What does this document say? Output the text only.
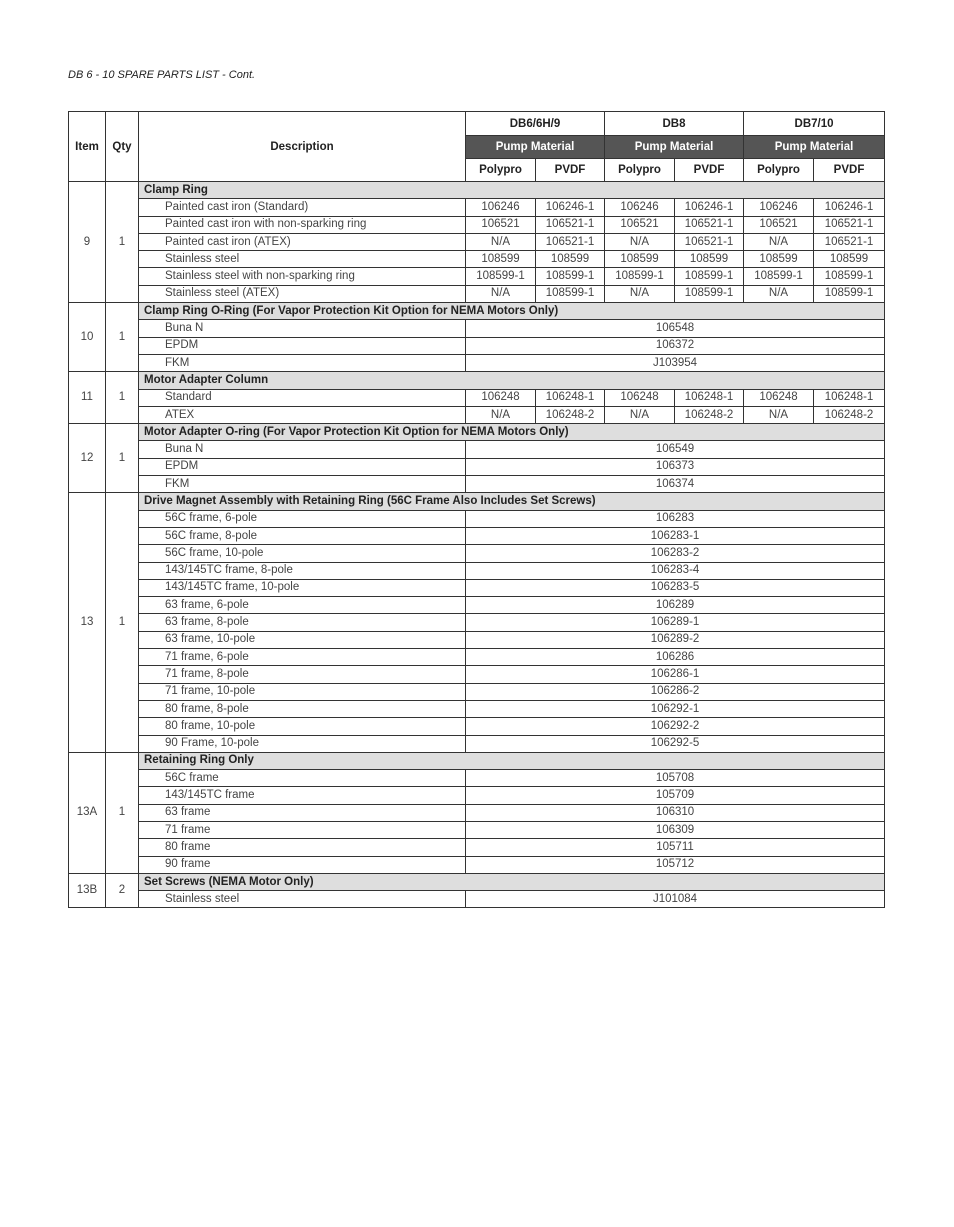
DB 6 - 10 SPARE PARTS LIST - Cont.
Item	Qty	Description	DB6/6H/9		DB8		DB7/10	
			Pump Material		Pump Material		Pump Material	
			Polypro	PVDF	Polypro	PVDF	Polypro	PVDF
9	1	Clamp Ring						
		Painted cast iron (Standard)	106246	106246-1	106246	106246-1	106246	106246-1
		Painted cast iron with non-sparking ring	106521	106521-1	106521	106521-1	106521	106521-1
		Painted cast iron (ATEX)	N/A	106521-1	N/A	106521-1	N/A	106521-1
		Stainless steel	108599	108599	108599	108599	108599	108599
		Stainless steel with non-sparking ring	108599-1	108599-1	108599-1	108599-1	108599-1	108599-1
		Stainless steel (ATEX)	N/A	108599-1	N/A	108599-1	N/A	108599-1
10	1	Clamp Ring O-Ring (For Vapor Protection Kit Option for NEMA Motors Only)						
		Buna N	106548					
		EPDM	106372					
		FKM	J103954					
11	1	Motor Adapter Column						
		Standard	106248	106248-1	106248	106248-1	106248	106248-1
		ATEX	N/A	106248-2	N/A	106248-2	N/A	106248-2
12	1	Motor Adapter O-ring (For Vapor Protection Kit Option for NEMA Motors Only)						
		Buna N	106549					
		EPDM	106373					
		FKM	106374					
13	1	Drive Magnet Assembly with Retaining Ring (56C Frame Also Includes Set Screws)						
		56C frame, 6-pole	106283					
		56C frame, 8-pole	106283-1					
		56C frame, 10-pole	106283-2					
		143/145TC frame, 8-pole	106283-4					
		143/145TC frame, 10-pole	106283-5					
		63 frame, 6-pole	106289					
		63 frame, 8-pole	106289-1					
		63 frame, 10-pole	106289-2					
		71 frame, 6-pole	106286					
		71 frame, 8-pole	106286-1					
		71 frame, 10-pole	106286-2					
		80 frame, 8-pole	106292-1					
		80 frame, 10-pole	106292-2					
		90 Frame, 10-pole	106292-5					
13A	1	Retaining Ring Only						
		56C frame	105708					
		143/145TC frame	105709					
		63 frame	106310					
		71 frame	106309					
		80 frame	105711					
		90 frame	105712					
13B	2	Set Screws (NEMA Motor Only)						
		Stainless steel	J101084					
